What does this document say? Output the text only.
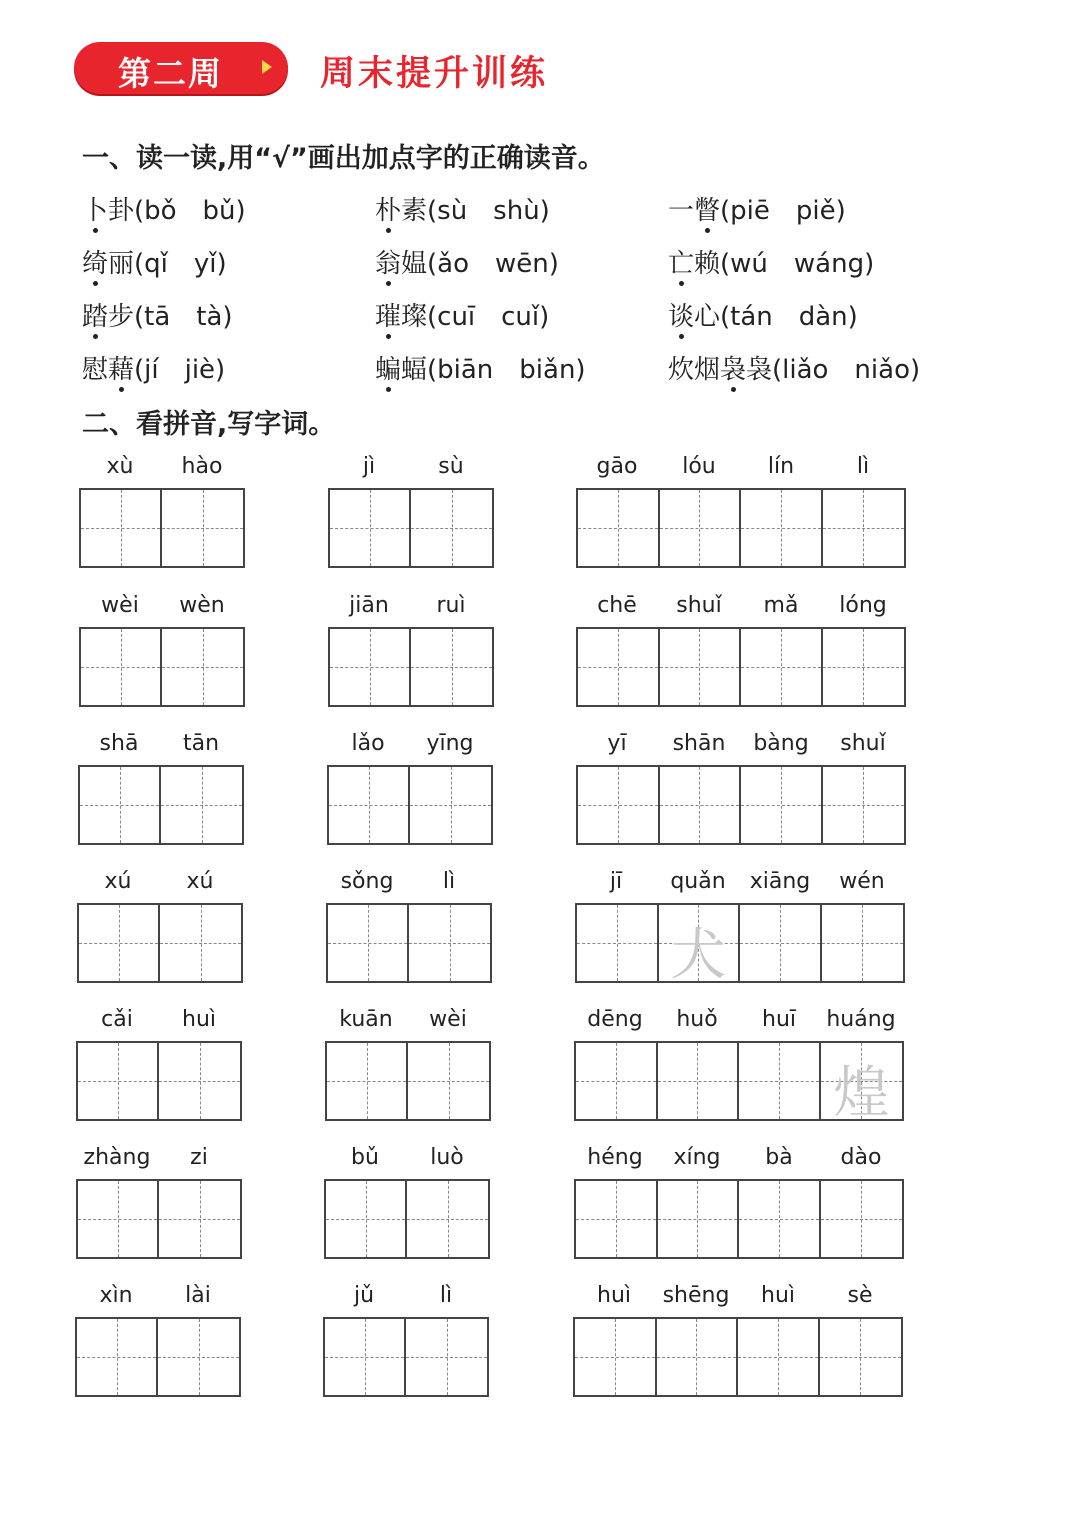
第二周	周末提升训练
一、读一读,用“√”画出加点字的正确读音。
卜卦(bǒ　bǔ)	朴素(sù　shù)	一瞥(piē　piě)
绮丽(qǐ　yǐ)	翁媪(ǎo　wēn)	亡赖(wú　wáng)
踏步(tā　tà)	璀璨(cuī　cuǐ)	谈心(tán　dàn)
慰藉(jí　jiè)	蝙蝠(biān　biǎn)	炊烟袅袅(liǎo　niǎo)
二、看拼音,写字词。
xù	hào	jì	sù	gāo	lóu	lín	lì
wèi	wèn	jiān	ruì	chē	shuǐ	mǎ	lóng
shā	tān	lǎo	yīng	yī	shān	bàng	shuǐ
xú	xú	sǒng	lì	jī	quǎn	xiāng	wén
犬
cǎi	huì	kuān	wèi	dēng	huǒ	huī	huáng
煌
zhàng	zi	bǔ	luò	héng	xíng	bà	dào
xìn	lài	jǔ	lì	huì	shēng	huì	sè
